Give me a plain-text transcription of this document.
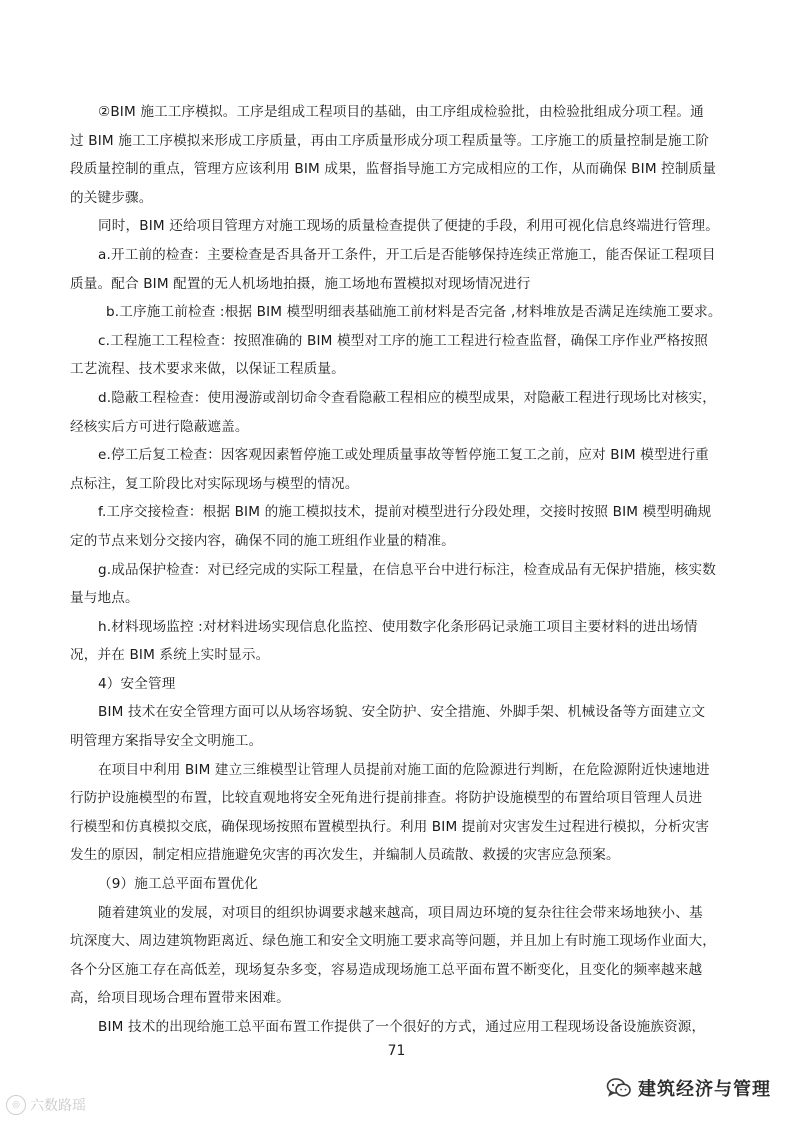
②BIM 施工工序模拟。工序是组成工程项目的基础，由工序组成检验批，由检验批组成分项工程。通
过 BIM 施工工序模拟来形成工序质量，再由工序质量形成分项工程质量等。工序施工的质量控制是施工阶
段质量控制的重点，管理方应该利用 BIM 成果，监督指导施工方完成相应的工作，从而确保 BIM 控制质量
的关键步骤。
同时，BIM 还给项目管理方对施工现场的质量检查提供了便捷的手段，利用可视化信息终端进行管理。
a.开工前的检查：主要检查是否具备开工条件，开工后是否能够保持连续正常施工，能否保证工程项目
质量。配合 BIM 配置的无人机场地拍摄，施工场地布置模拟对现场情况进行
b.工序施工前检查 :根据 BIM 模型明细表基础施工前材料是否完备 ,材料堆放是否满足连续施工要求。
c.工程施工工程检查：按照准确的 BIM 模型对工序的施工工程进行检查监督，确保工序作业严格按照
工艺流程、技术要求来做，以保证工程质量。
d.隐蔽工程检查：使用漫游或剖切命令查看隐蔽工程相应的模型成果，对隐蔽工程进行现场比对核实，
经核实后方可进行隐蔽遮盖。
e.停工后复工检查：因客观因素暂停施工或处理质量事故等暂停施工复工之前，应对 BIM 模型进行重
点标注，复工阶段比对实际现场与模型的情况。
f.工序交接检查：根据 BIM 的施工模拟技术，提前对模型进行分段处理，交接时按照 BIM 模型明确规
定的节点来划分交接内容，确保不同的施工班组作业量的精准。
g.成品保护检查：对已经完成的实际工程量，在信息平台中进行标注，检查成品有无保护措施，核实数
量与地点。
h.材料现场监控 :对材料进场实现信息化监控、使用数字化条形码记录施工项目主要材料的进出场情
况，并在 BIM 系统上实时显示。
4）安全管理
BIM 技术在安全管理方面可以从场容场貌、安全防护、安全措施、外脚手架、机械设备等方面建立文
明管理方案指导安全文明施工。
在项目中利用 BIM 建立三维模型让管理人员提前对施工面的危险源进行判断，在危险源附近快速地进
行防护设施模型的布置，比较直观地将安全死角进行提前排查。将防护设施模型的布置给项目管理人员进
行模型和仿真模拟交底，确保现场按照布置模型执行。利用 BIM 提前对灾害发生过程进行模拟，分析灾害
发生的原因，制定相应措施避免灾害的再次发生，并编制人员疏散、救援的灾害应急预案。
（9）施工总平面布置优化
随着建筑业的发展，对项目的组织协调要求越来越高，项目周边环境的复杂往往会带来场地狭小、基
坑深度大、周边建筑物距离近、绿色施工和安全文明施工要求高等问题，并且加上有时施工现场作业面大，
各个分区施工存在高低差，现场复杂多变，容易造成现场施工总平面布置不断变化，且变化的频率越来越
高，给项目现场合理布置带来困难。
BIM 技术的出现给施工总平面布置工作提供了一个很好的方式，通过应用工程现场设备设施族资源，
71
◎ 六数路瑶
建筑经济与管理
